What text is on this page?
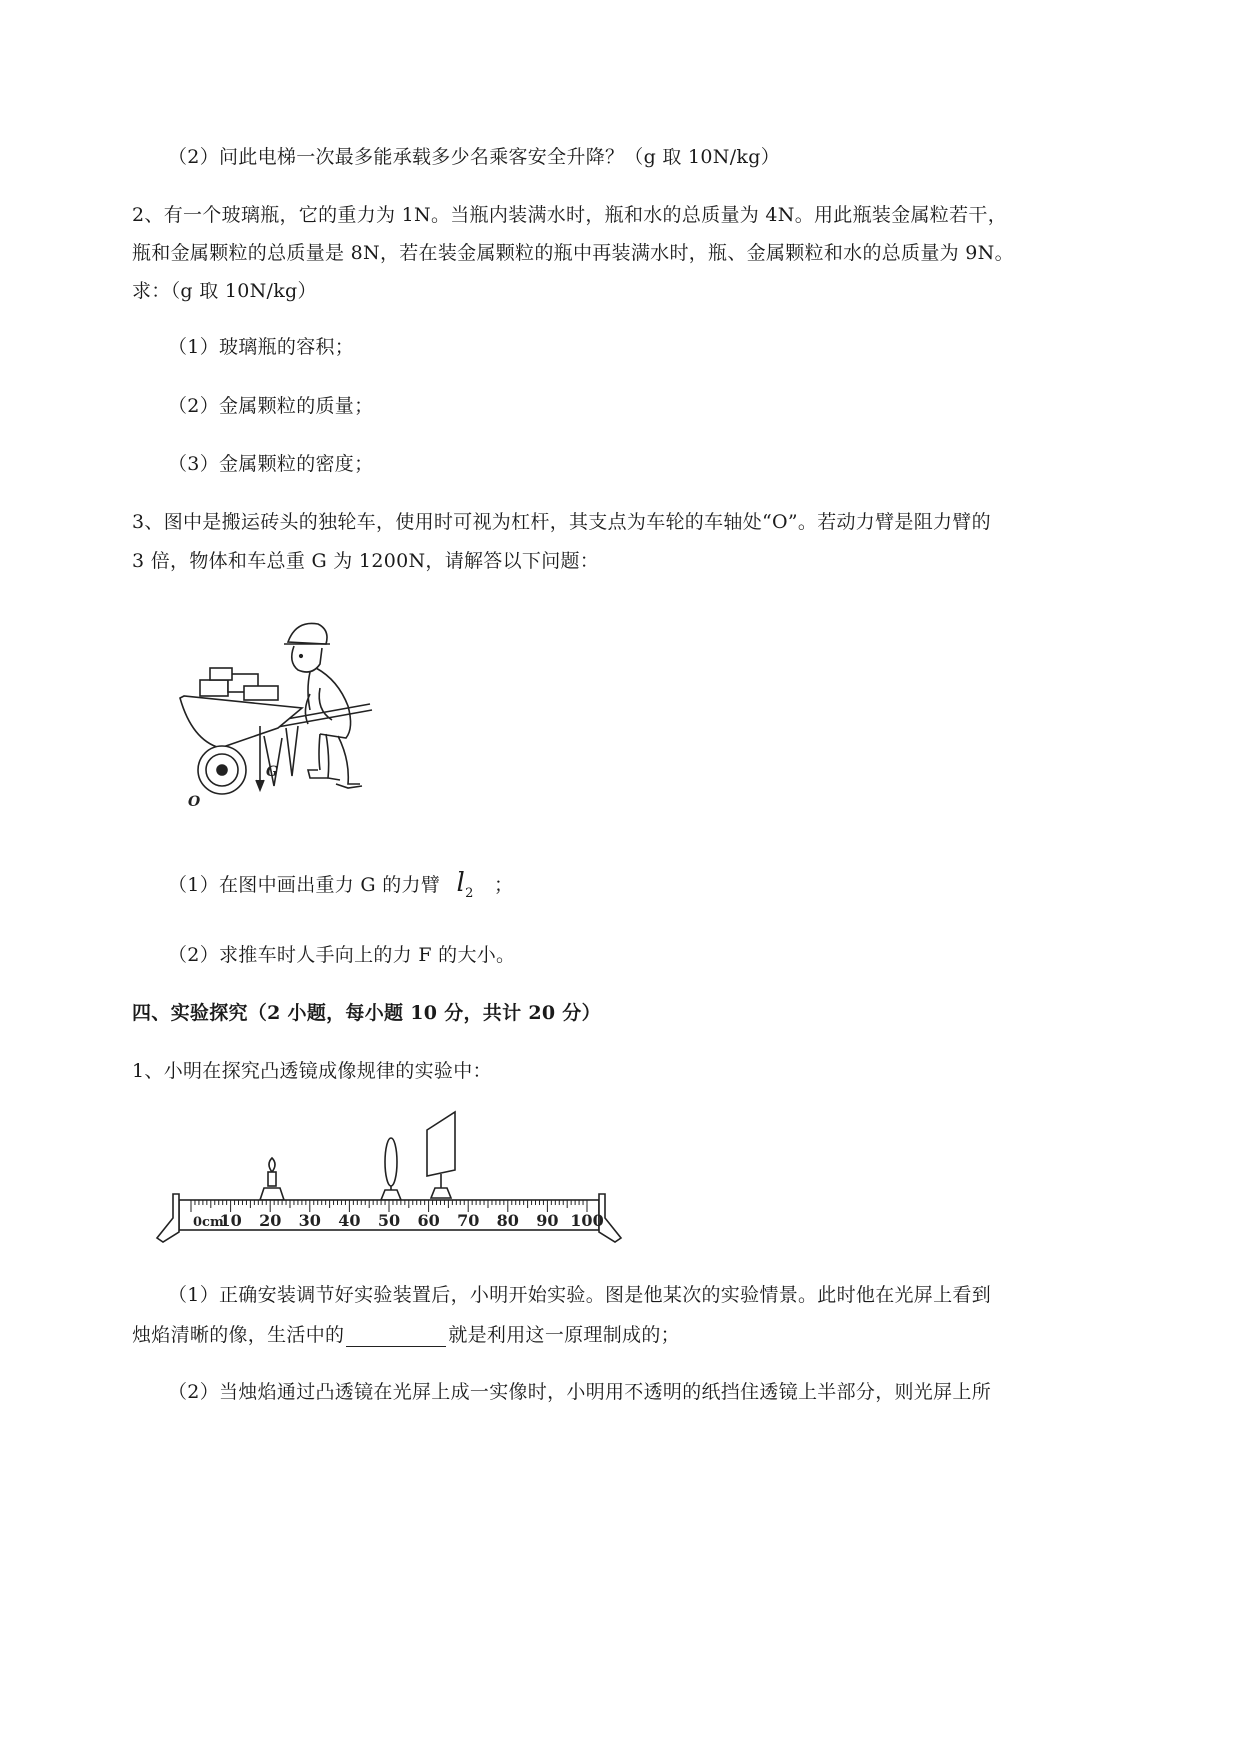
（2）问此电梯一次最多能承载多少名乘客安全升降？（g 取 10N/kg）
2、有一个玻璃瓶，它的重力为 1N。当瓶内装满水时，瓶和水的总质量为 4N。用此瓶装金属粒若干，
瓶和金属颗粒的总质量是 8N，若在装金属颗粒的瓶中再装满水时，瓶、金属颗粒和水的总质量为 9N。
求：（g 取 10N/kg）
（1）玻璃瓶的容积；
（2）金属颗粒的质量；
（3）金属颗粒的密度；
3、图中是搬运砖头的独轮车，使用时可视为杠杆，其支点为车轮的车轴处“O”。若动力臂是阻力臂的
3 倍，物体和车总重 G 为 1200N，请解答以下问题：
O
G
（1）在图中画出重力 G 的力臂 $l_2$ ；
（2）求推车时人手向上的力 F 的大小。
四、实验探究（2 小题，每小题 10 分，共计 20 分）
1、小明在探究凸透镜成像规律的实验中：
0cm
10 20 30 40 50 60 70 80 90 100
（1）正确安装调节好实验装置后，小明开始实验。图是他某次的实验情景。此时他在光屏上看到
烛焰清晰的像，生活中的	就是利用这一原理制成的；
（2）当烛焰通过凸透镜在光屏上成一实像时，小明用不透明的纸挡住透镜上半部分，则光屏上所
